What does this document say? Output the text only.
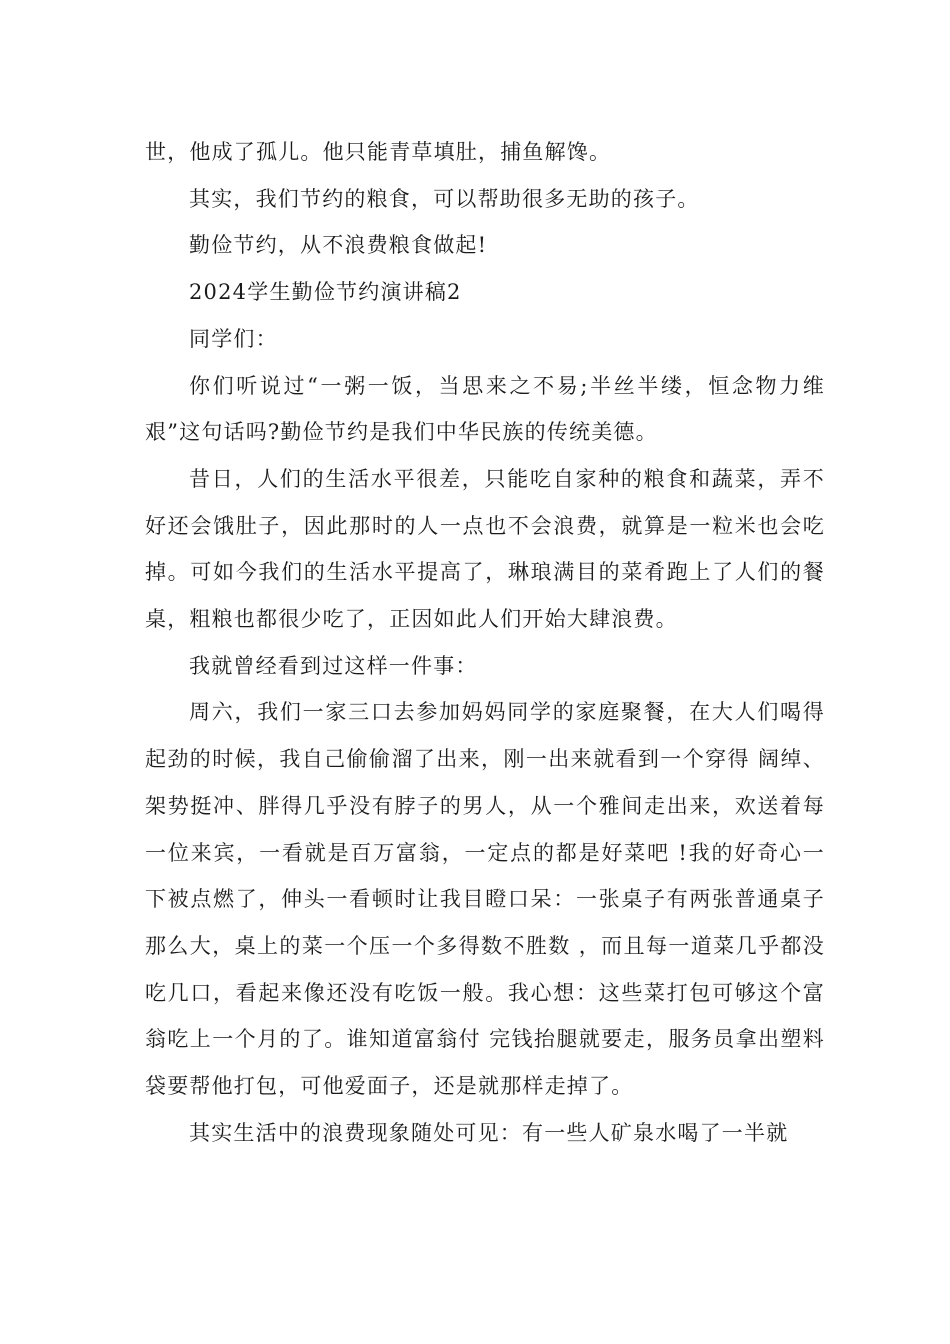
世，他成了孤儿。他只能青草填肚，捕鱼解馋。

其实，我们节约的粮食，可以帮助很多无助的孩子。

勤俭节约，从不浪费粮食做起!

2024学生勤俭节约演讲稿2

同学们：

你们听说过“一粥一饭，当思来之不易;半丝半缕，恒念物力维艰”这句话吗?勤俭节约是我们中华民族的传统美德。

昔日，人们的生活水平很差，只能吃自家种的粮食和蔬菜，弄不好还会饿肚子，因此那时的人一点也不会浪费，就算是一粒米也会吃掉。可如今我们的生活水平提高了，琳琅满目的菜肴跑上了人们的餐桌，粗粮也都很少吃了，正因如此人们开始大肆浪费。

我就曾经看到过这样一件事：

周六，我们一家三口去参加妈妈同学的家庭聚餐，在大人们喝得起劲的时候，我自己偷偷溜了出来，刚一出来就看到一个穿得 阔绰、架势挺冲、胖得几乎没有脖子的男人，从一个雅间走出来，欢送着每一位来宾，一看就是百万富翁，一定点的都是好菜吧 !我的好奇心一下被点燃了，伸头一看顿时让我目瞪口呆：一张桌子有两张普通桌子那么大，桌上的菜一个压一个多得数不胜数 ，而且每一道菜几乎都没吃几口，看起来像还没有吃饭一般。我心想：这些菜打包可够这个富翁吃上一个月的了。谁知道富翁付 完钱抬腿就要走，服务员拿出塑料袋要帮他打包，可他爱面子，还是就那样走掉了。

其实生活中的浪费现象随处可见：有一些人矿泉水喝了一半就
